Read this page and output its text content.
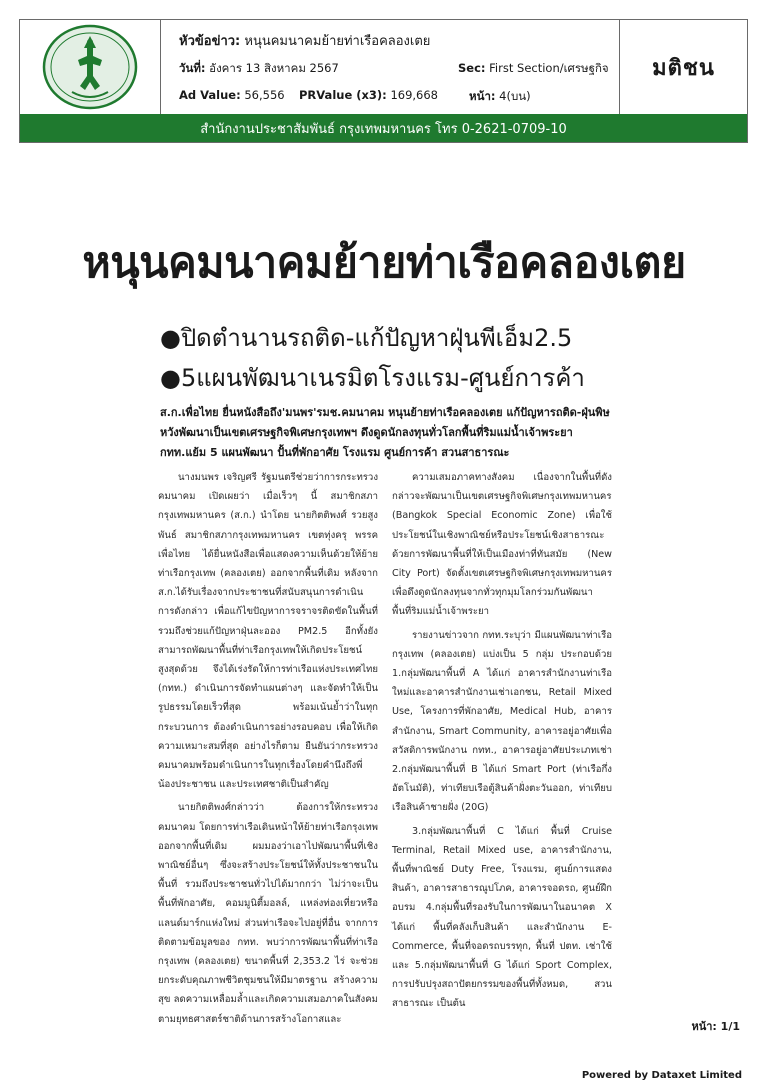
หัวข้อข่าว: หนุนคมนาคมย้ายท่าเรือคลองเตย
วันที่: อังคาร 13 สิงหาคม 2567	Sec: First Section/เศรษฐกิจ
Ad Value: 56,556 PRValue (x3): 169,668	หน้า: 4(บน)
มติชน
สำนักงานประชาสัมพันธ์ กรุงเทพมหานคร โทร 0-2621-0709-10
หนุนคมนาคมย้ายท่าเรือคลองเตย
●ปิดตำนานรถติด-แก้ปัญหาฝุ่นพีเอ็ม2.5
●5แผนพัฒนาเนรมิตโรงแรม-ศูนย์การค้า
ส.ก.เพื่อไทย ยื่นหนังสือถึง'มนพร'รมช.คมนาคม หนุนย้ายท่าเรือคลองเตย แก้ปัญหารถติด-ฝุ่นพิษ หวังพัฒนาเป็นเขตเศรษฐกิจพิเศษกรุงเทพฯ ดึงดูดนักลงทุนทั่วโลกพื้นที่ริมแม่น้ำเจ้าพระยา กทท.แย้ม 5 แผนพัฒนา ปั้นที่พักอาศัย โรงแรม ศูนย์การค้า สวนสาธารณะ

นางมนพร เจริญศรี รัฐมนตรีช่วยว่าการกระทรวงคมนาคม เปิดเผยว่า เมื่อเร็วๆ นี้ สมาชิกสภากรุงเทพมหานคร (ส.ก.) นำโดย นายกิตติพงศ์ รวยสูงพันธ์ สมาชิกสภากรุงเทพมหานคร เขตทุ่งครุ พรรคเพื่อไทย ได้ยื่นหนังสือเพื่อแสดงความเห็นด้วยให้ย้ายท่าเรือกรุงเทพ (คลองเตย) ออกจากพื้นที่เดิม หลังจาก ส.ก.ได้รับเรื่องจากประชาชนที่สนับสนุนการดำเนินการดังกล่าว เพื่อแก้ไขปัญหาการจราจรติดขัดในพื้นที่ รวมถึงช่วยแก้ปัญหาฝุ่นละออง PM2.5 อีกทั้งยังสามารถพัฒนาพื้นที่ท่าเรือกรุงเทพให้เกิดประโยชน์สูงสุดด้วย จึงได้เร่งรัดให้การท่าเรือแห่งประเทศไทย (กทท.) ดำเนินการจัดทำแผนต่างๆ และจัดทำให้เป็นรูปธรรมโดยเร็วที่สุด พร้อมเน้นย้ำว่าในทุกกระบวนการ ต้องดำเนินการอย่างรอบคอบ เพื่อให้เกิดความเหมาะสมที่สุด อย่างไรก็ตาม ยืนยันว่ากระทรวงคมนาคมพร้อมดำเนินการในทุกเรื่องโดยคำนึงถึงพี่น้องประชาชน และประเทศชาติเป็นสำคัญ

นายกิตติพงศ์กล่าวว่า ต้องการให้กระทรวงคมนาคม โดยการท่าเรือเดินหน้าให้ย้ายท่าเรือกรุงเทพออกจากพื้นที่เดิม ผมมองว่าเอาไปพัฒนาพื้นที่เชิงพาณิชย์อื่นๆ ซึ่งจะสร้างประโยชน์ให้ทั้งประชาชนในพื้นที่ รวมถึงประชาชนทั่วไปได้มากกว่า ไม่ว่าจะเป็นพื้นที่พักอาศัย, คอมมูนิตี้มอลล์, แหล่งท่องเที่ยวหรือแลนด์มาร์กแห่งใหม่ ส่วนท่าเรือจะไปอยู่ที่อื่น จากการติดตามข้อมูลของ กทท. พบว่าการพัฒนาพื้นที่ท่าเรือกรุงเทพ (คลองเตย) ขนาดพื้นที่ 2,353.2 ไร่ จะช่วยยกระดับคุณภาพชีวิตชุมชนให้มีมาตรฐาน สร้างความสุข ลดความเหลื่อมล้ำและเกิดความเสมอภาคในสังคม ตามยุทธศาสตร์ชาติด้านการสร้างโอกาสและ

ความเสมอภาคทางสังคม เนื่องจากในพื้นที่ดังกล่าวจะพัฒนาเป็นเขตเศรษฐกิจพิเศษกรุงเทพมหานคร (Bangkok Special Economic Zone) เพื่อใช้ประโยชน์ในเชิงพาณิชย์หรือประโยชน์เชิงสาธารณะด้วยการพัฒนาพื้นที่ให้เป็นเมืองท่าที่ทันสมัย (New City Port) จัดตั้งเขตเศรษฐกิจพิเศษกรุงเทพมหานคร เพื่อดึงดูดนักลงทุนจากทั่วทุกมุมโลกร่วมกันพัฒนาพื้นที่ริมแม่น้ำเจ้าพระยา

รายงานข่าวจาก กทท.ระบุว่า มีแผนพัฒนาท่าเรือกรุงเทพ (คลองเตย) แบ่งเป็น 5 กลุ่ม ประกอบด้วย 1.กลุ่มพัฒนาพื้นที่ A ได้แก่ อาคารสำนักงานท่าเรือใหม่และอาคารสำนักงานเช่าเอกชน, Retail Mixed Use, โครงการที่พักอาศัย, Medical Hub, อาคารสำนักงาน, Smart Community, อาคารอยู่อาศัยเพื่อสวัสดิการพนักงาน กทท., อาคารอยู่อาศัยประเภทเช่า 2.กลุ่มพัฒนาพื้นที่ B ได้แก่ Smart Port (ท่าเรือกึ่งอัตโนมัติ), ท่าเทียบเรือตู้สินค้าฝั่งตะวันออก, ท่าเทียบเรือสินค้าชายฝั่ง (20G)

3.กลุ่มพัฒนาพื้นที่ C ได้แก่ พื้นที่ Cruise Terminal, Retail Mixed use, อาคารสำนักงาน, พื้นที่พาณิชย์ Duty Free, โรงแรม, ศูนย์การแสดงสินค้า, อาคารสาธารณูปโภค, อาคารจอดรถ, ศูนย์ฝึกอบรม 4.กลุ่มพื้นที่รองรับในการพัฒนาในอนาคต X ได้แก่ พื้นที่คลังเก็บสินค้า และสำนักงาน E-Commerce, พื้นที่จอดรถบรรทุก, พื้นที่ ปตท. เช่าใช้ และ 5.กลุ่มพัฒนาพื้นที่ G ได้แก่ Sport Complex, การปรับปรุงสถาปัตยกรรมของพื้นที่ทั้งหมด, สวนสาธารณะ เป็นต้น

หน้า: 1/1
Powered by Dataxet Limited
